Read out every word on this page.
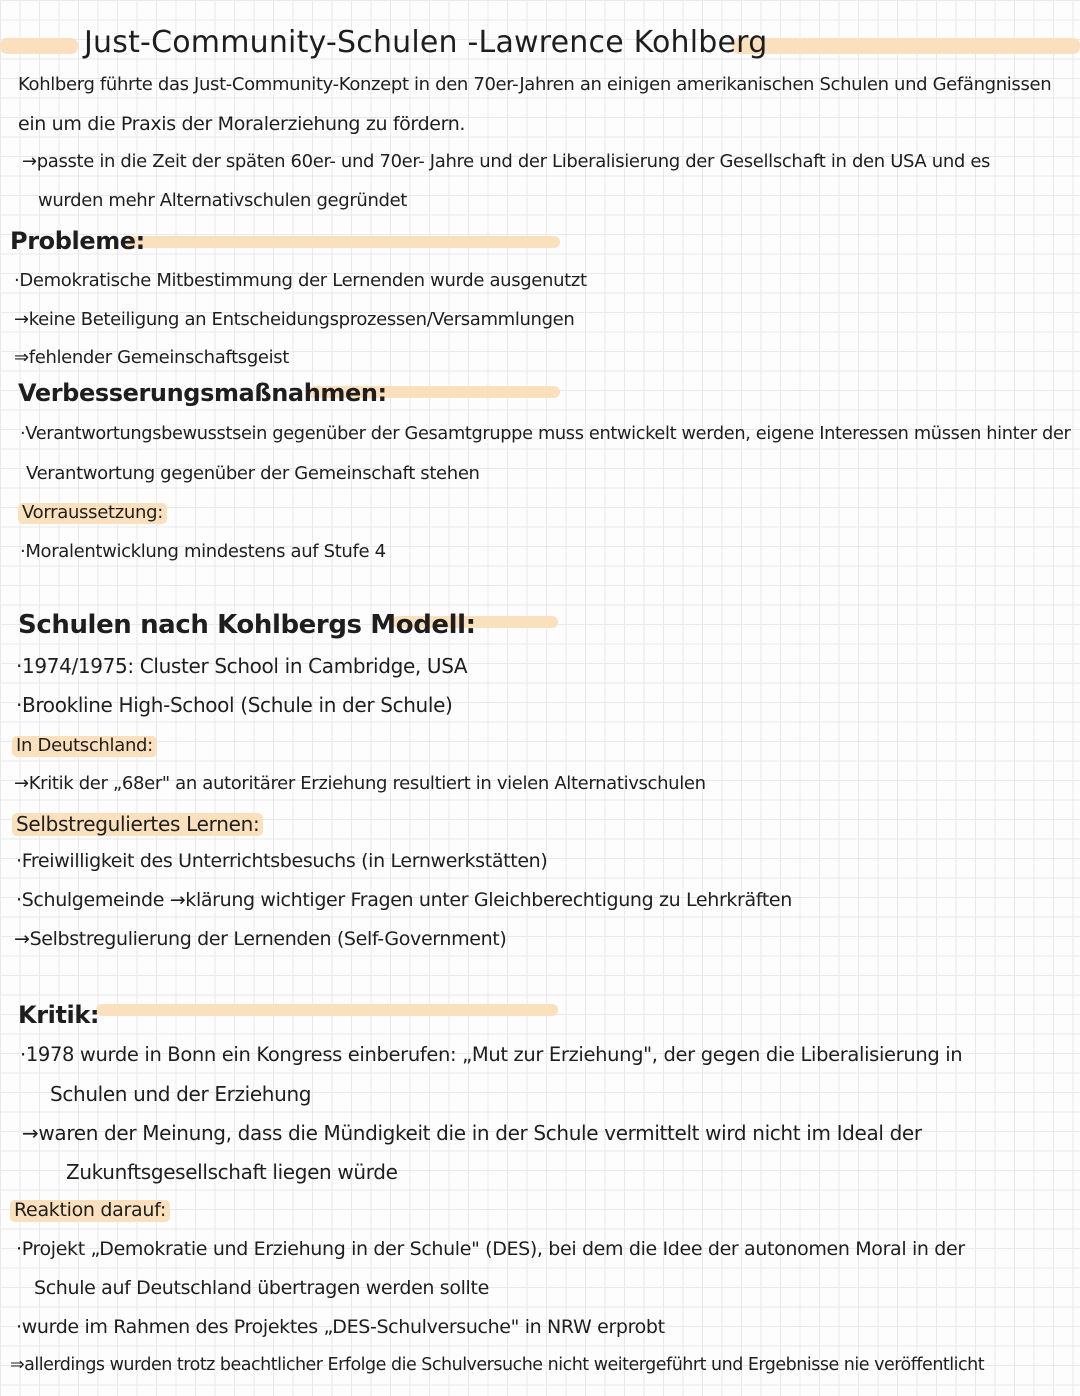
Just-Community-Schulen -Lawrence Kohlberg
Kohlberg führte das Just-Community-Konzept in den 70er-Jahren an einigen amerikanischen Schulen und Gefängnissen
ein um die Praxis der Moralerziehung zu fördern.
→passte in die Zeit der späten 60er- und 70er- Jahre und der Liberalisierung der Gesellschaft in den USA und es
wurden mehr Alternativschulen gegründet
Probleme:
·Demokratische Mitbestimmung der Lernenden wurde ausgenutzt
→keine Beteiligung an Entscheidungsprozessen/Versammlungen
⇒fehlender Gemeinschaftsgeist
Verbesserungsmaßnahmen:
·Verantwortungsbewusstsein gegenüber der Gesamtgruppe muss entwickelt werden, eigene Interessen müssen hinter der
Verantwortung gegenüber der Gemeinschaft stehen
Vorraussetzung:
·Moralentwicklung mindestens auf Stufe 4
Schulen nach Kohlbergs Modell:
·1974/1975: Cluster School in Cambridge, USA
·Brookline High-School (Schule in der Schule)
In Deutschland:
→Kritik der „68er" an autoritärer Erziehung resultiert in vielen Alternativschulen
Selbstreguliertes Lernen:
·Freiwilligkeit des Unterrichtsbesuchs (in Lernwerkstätten)
·Schulgemeinde →klärung wichtiger Fragen unter Gleichberechtigung zu Lehrkräften
→Selbstregulierung der Lernenden (Self-Government)
Kritik:
·1978 wurde in Bonn ein Kongress einberufen: „Mut zur Erziehung", der gegen die Liberalisierung in
Schulen und der Erziehung
→waren der Meinung, dass die Mündigkeit die in der Schule vermittelt wird nicht im Ideal der
Zukunftsgesellschaft liegen würde
Reaktion darauf:
·Projekt „Demokratie und Erziehung in der Schule" (DES), bei dem die Idee der autonomen Moral in der
Schule auf Deutschland übertragen werden sollte
·wurde im Rahmen des Projektes „DES-Schulversuche" in NRW erprobt
⇒allerdings wurden trotz beachtlicher Erfolge die Schulversuche nicht weitergeführt und Ergebnisse nie veröffentlicht
